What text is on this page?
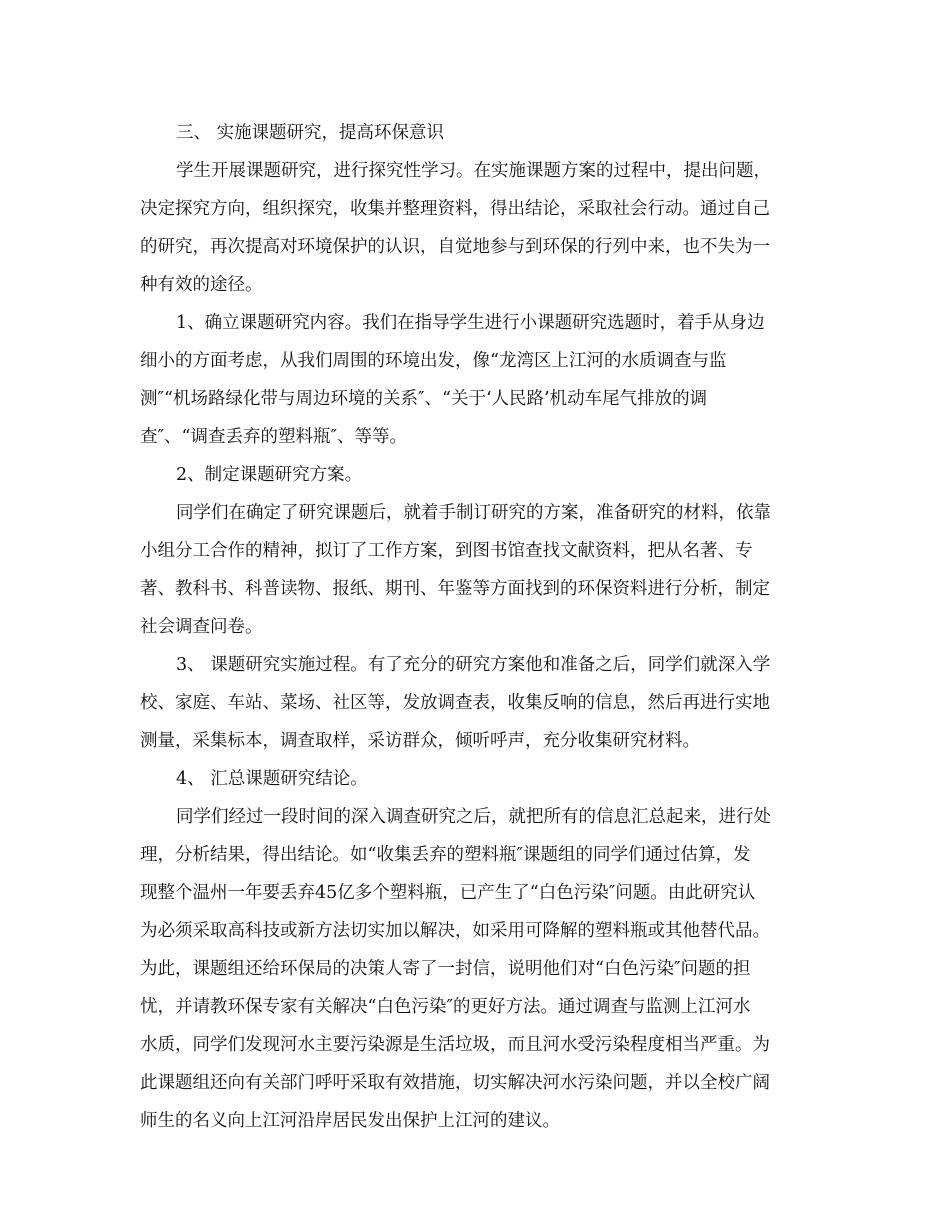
三、 实施课题研究，提高环保意识
学生开展课题研究，进行探究性学习。在实施课题方案的过程中，提出问题，
决定探究方向，组织探究，收集并整理资料，得出结论，采取社会行动。通过自己
的研究，再次提高对环境保护的认识，自觉地参与到环保的行列中来，也不失为一
种有效的途径。
1、确立课题研究内容。我们在指导学生进行小课题研究选题时，着手从身边
细小的方面考虑，从我们周围的环境出发，像“龙湾区上江河的水质调查与监
测″“机场路绿化带与周边环境的关系″、“关于‘人民路’机动车尾气排放的调
查″、“调查丢弃的塑料瓶″、等等。
2、制定课题研究方案。
同学们在确定了研究课题后，就着手制订研究的方案，准备研究的材料，依靠
小组分工合作的精神，拟订了工作方案，到图书馆查找文献资料，把从名著、专
著、教科书、科普读物、报纸、期刊、年鉴等方面找到的环保资料进行分析，制定
社会调查问卷。
3、 课题研究实施过程。有了充分的研究方案他和准备之后，同学们就深入学
校、家庭、车站、菜场、社区等，发放调查表，收集反响的信息，然后再进行实地
测量，采集标本，调查取样，采访群众，倾听呼声，充分收集研究材料。
4、 汇总课题研究结论。
同学们经过一段时间的深入调查研究之后，就把所有的信息汇总起来，进行处
理，分析结果，得出结论。如“收集丢弃的塑料瓶″课题组的同学们通过估算，发
现整个温州一年要丢弃45亿多个塑料瓶，已产生了“白色污染″问题。由此研究认
为必须采取高科技或新方法切实加以解决，如采用可降解的塑料瓶或其他替代品。
为此，课题组还给环保局的决策人寄了一封信，说明他们对“白色污染″问题的担
忧，并请教环保专家有关解决“白色污染″的更好方法。通过调查与监测上江河水
水质，同学们发现河水主要污染源是生活垃圾，而且河水受污染程度相当严重。为
此课题组还向有关部门呼吁采取有效措施，切实解决河水污染问题，并以全校广阔
师生的名义向上江河沿岸居民发出保护上江河的建议。
